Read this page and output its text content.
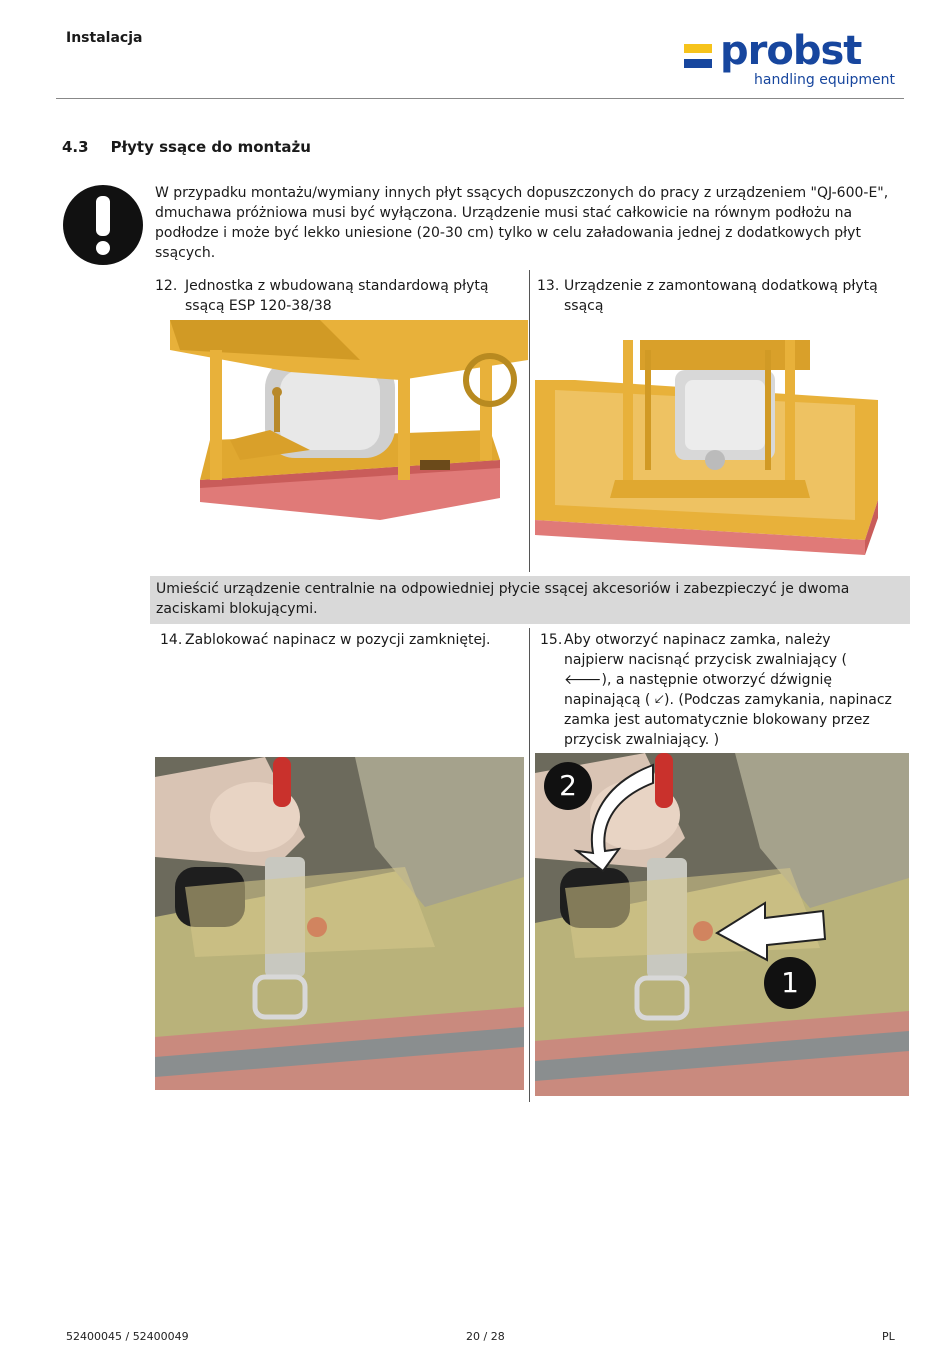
Instalacja	probst
handling equipment
4.3 Płyty ssące do montażu
W przypadku montażu/wymiany innych płyt ssących dopuszczonych do pracy z urządzeniem "QJ-600-E", dmuchawa próżniowa musi być wyłączona. Urządzenie musi stać całkowicie na równym podłożu na podłodze i może być lekko uniesione (20-30 cm) tylko w celu załadowania jednej z dodatkowych płyt ssących.
12. Jednostka z wbudowaną standardową płytą ssącą ESP 120-38/38
13. Urządzenie z zamontowaną dodatkową płytą ssącą
Umieścić urządzenie centralnie na odpowiedniej płycie ssącej akcesoriów i zabezpieczyć je dwoma zaciskami blokującymi.
14. Zablokować napinacz w pozycji zamkniętej.	15. Aby otworzyć napinacz zamka, należy najpierw nacisnąć przycisk zwalniający ( 🡐), a następnie otworzyć dźwignię napinającą ( 🡗). (Podczas zamykania, napinacz zamka jest automatycznie blokowany przez przycisk zwalniający. )
2
1
52400045 / 52400049	20 / 28	PL
